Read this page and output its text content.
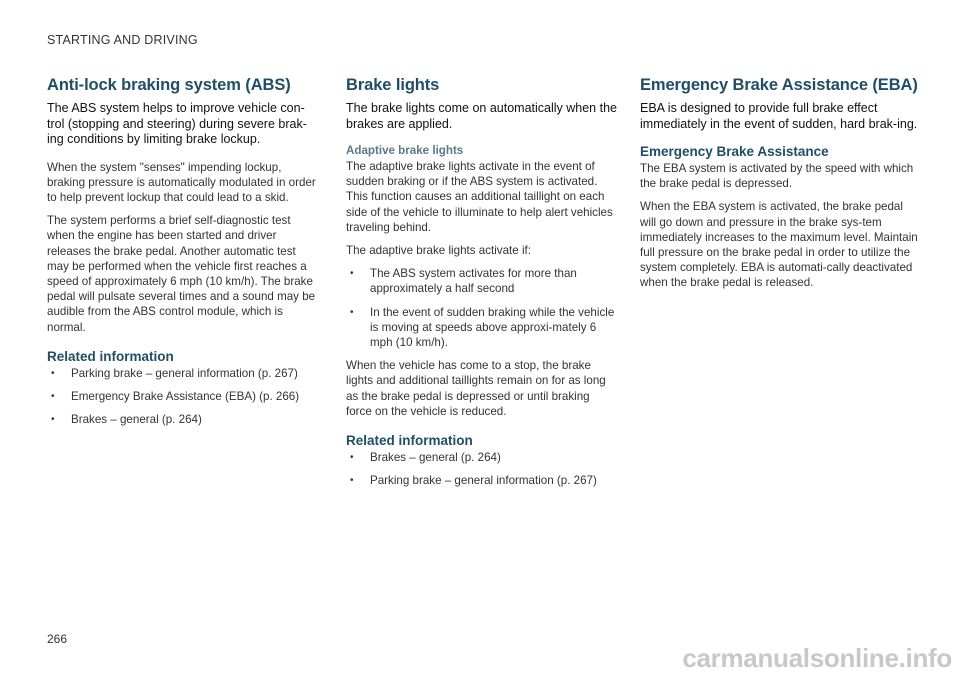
STARTING AND DRIVING
Anti-lock braking system (ABS)
The ABS system helps to improve vehicle con-trol (stopping and steering) during severe brak-ing conditions by limiting brake lockup.

When the system "senses" impending lockup, braking pressure is automatically modulated in order to help prevent lockup that could lead to a skid.

The system performs a brief self-diagnostic test when the engine has been started and driver releases the brake pedal. Another automatic test may be performed when the vehicle first reaches a speed of approximately 6 mph (10 km/h). The brake pedal will pulsate several times and a sound may be audible from the ABS control module, which is normal.

Related information
• Parking brake – general information (p. 267)
• Emergency Brake Assistance (EBA) (p. 266)
• Brakes – general (p. 264)
Brake lights
The brake lights come on automatically when the brakes are applied.
Adaptive brake lights

The adaptive brake lights activate in the event of sudden braking or if the ABS system is activated. This function causes an additional taillight on each side of the vehicle to illuminate to help alert vehicles traveling behind.

The adaptive brake lights activate if:

• The ABS system activates for more than approximately a half second
• In the event of sudden braking while the vehicle is moving at speeds above approxi-mately 6 mph (10 km/h).

When the vehicle has come to a stop, the brake lights and additional taillights remain on for as long as the brake pedal is depressed or until braking force on the vehicle is reduced.

Related information
• Brakes – general (p. 264)
• Parking brake – general information (p. 267)
Emergency Brake Assistance (EBA)
EBA is designed to provide full brake effect immediately in the event of sudden, hard brak-ing.
Emergency Brake Assistance

The EBA system is activated by the speed with which the brake pedal is depressed.

When the EBA system is activated, the brake pedal will go down and pressure in the brake sys-tem immediately increases to the maximum level. Maintain full pressure on the brake pedal in order to utilize the system completely. EBA is automati-cally deactivated when the brake pedal is released.

266
carmanualsonline.info
